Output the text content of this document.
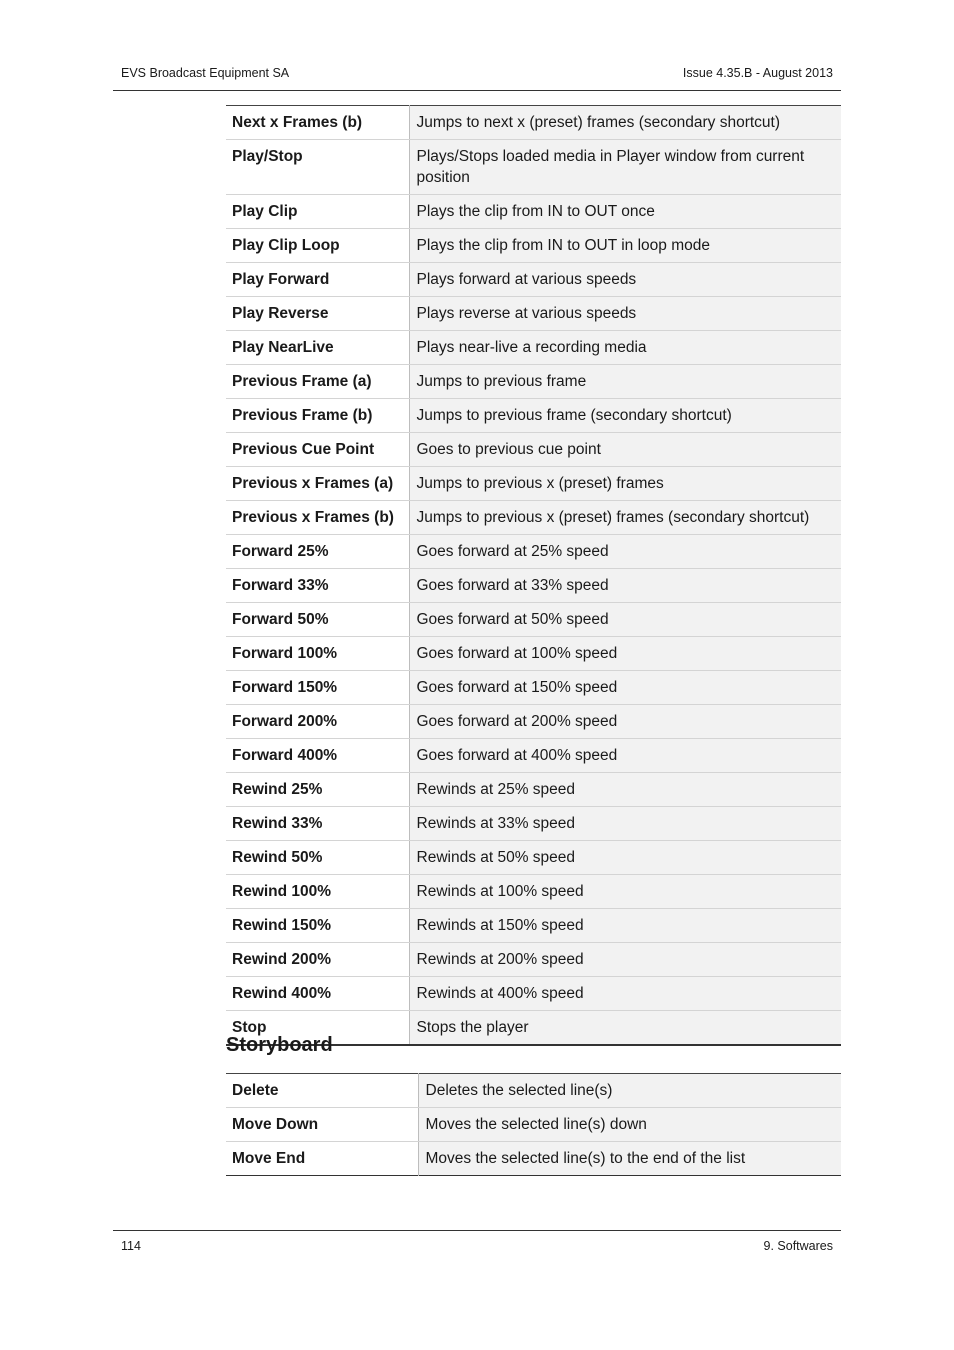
EVS Broadcast Equipment SA	Issue 4.35.B - August 2013
Next x Frames (b)	Jumps to next x (preset) frames (secondary shortcut)
Play/Stop	Plays/Stops loaded media in Player window from current position
Play Clip	Plays the clip from IN to OUT once
Play Clip Loop	Plays the clip from IN to OUT in loop mode
Play Forward	Plays forward at various speeds
Play Reverse	Plays reverse at various speeds
Play NearLive	Plays near-live a recording media
Previous Frame (a)	Jumps to previous frame
Previous Frame (b)	Jumps to previous frame (secondary shortcut)
Previous Cue Point	Goes to previous cue point
Previous x Frames (a)	Jumps to previous x (preset) frames
Previous x Frames (b)	Jumps to previous x (preset) frames (secondary shortcut)
Forward 25%	Goes forward at 25% speed
Forward 33%	Goes forward at 33% speed
Forward 50%	Goes forward at 50% speed
Forward 100%	Goes forward at 100% speed
Forward 150%	Goes forward at 150% speed
Forward 200%	Goes forward at 200% speed
Forward 400%	Goes forward at 400% speed
Rewind 25%	Rewinds at 25% speed
Rewind 33%	Rewinds at 33% speed
Rewind 50%	Rewinds at 50% speed
Rewind 100%	Rewinds at 100% speed
Rewind 150%	Rewinds at 150% speed
Rewind 200%	Rewinds at 200% speed
Rewind 400%	Rewinds at 400% speed
Stop	Stops the player
Storyboard
Delete	Deletes the selected line(s)
Move Down	Moves the selected line(s) down
Move End	Moves the selected line(s) to the end of the list
114	9. Softwares
